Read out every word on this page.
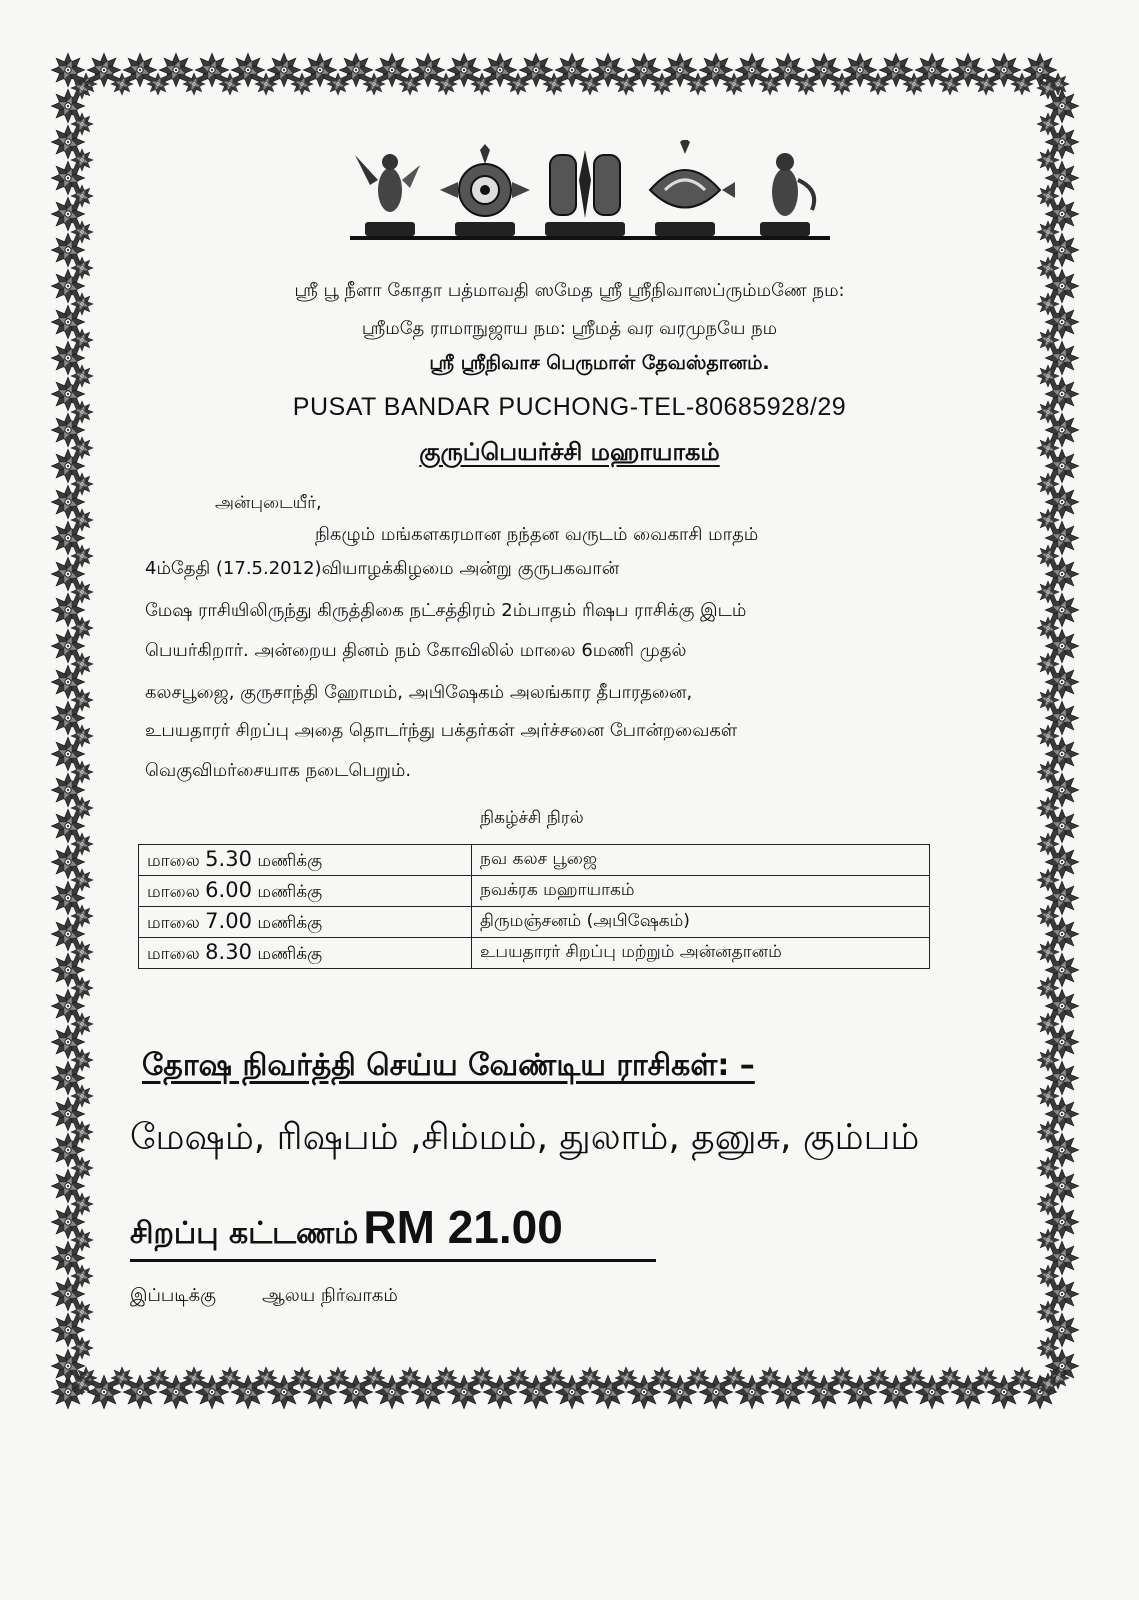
ஸ்ரீ பூ நீளா கோதா பத்மாவதி ஸமேத ஸ்ரீ ஸ்ரீநிவாஸப்ரும்மணே நம:
ஸ்ரீமதே ராமாநுஜாய நம: ஸ்ரீமத் வர வரமுநயே நம
ஸ்ரீ ஸ்ரீநிவாச பெருமாள் தேவஸ்தானம்.
PUSAT BANDAR PUCHONG-TEL-80685928/29
குருப்பெயர்ச்சி மஹாயாகம்
அன்புடையீர்,
நிகழும் மங்களகரமான நந்தன வருடம் வைகாசி மாதம்
4ம்தேதி (17.5.2012)வியாழக்கிழமை அன்று குருபகவான்
மேஷ ராசியிலிருந்து கிருத்திகை நட்சத்திரம் 2ம்பாதம் ரிஷப ராசிக்கு இடம்
பெயர்கிறார். அன்றைய தினம் நம் கோவிலில் மாலை 6மணி முதல்
கலசபூஜை, குருசாந்தி ஹோமம், அபிஷேகம் அலங்கார தீபாரதனை,
உபயதாரர் சிறப்பு அதை தொடர்ந்து பக்தர்கள் அர்ச்சனை போன்றவைகள்
வெகுவிமர்சையாக நடைபெறும்.
நிகழ்ச்சி நிரல்
மாலை 5.30 மணிக்கு	நவ கலச பூஜை
மாலை 6.00 மணிக்கு	நவக்ரக மஹாயாகம்
மாலை 7.00 மணிக்கு	திருமஞ்சனம் (அபிஷேகம்)
மாலை 8.30 மணிக்கு	உபயதாரர் சிறப்பு மற்றும் அன்னதானம்
தோஷ நிவர்த்தி செய்ய வேண்டிய ராசிகள்: –
மேஷம், ரிஷபம் ,சிம்மம், துலாம், தனுசு, கும்பம்
சிறப்பு கட்டணம் RM 21.00
இப்படிக்கு	ஆலய நிர்வாகம்
